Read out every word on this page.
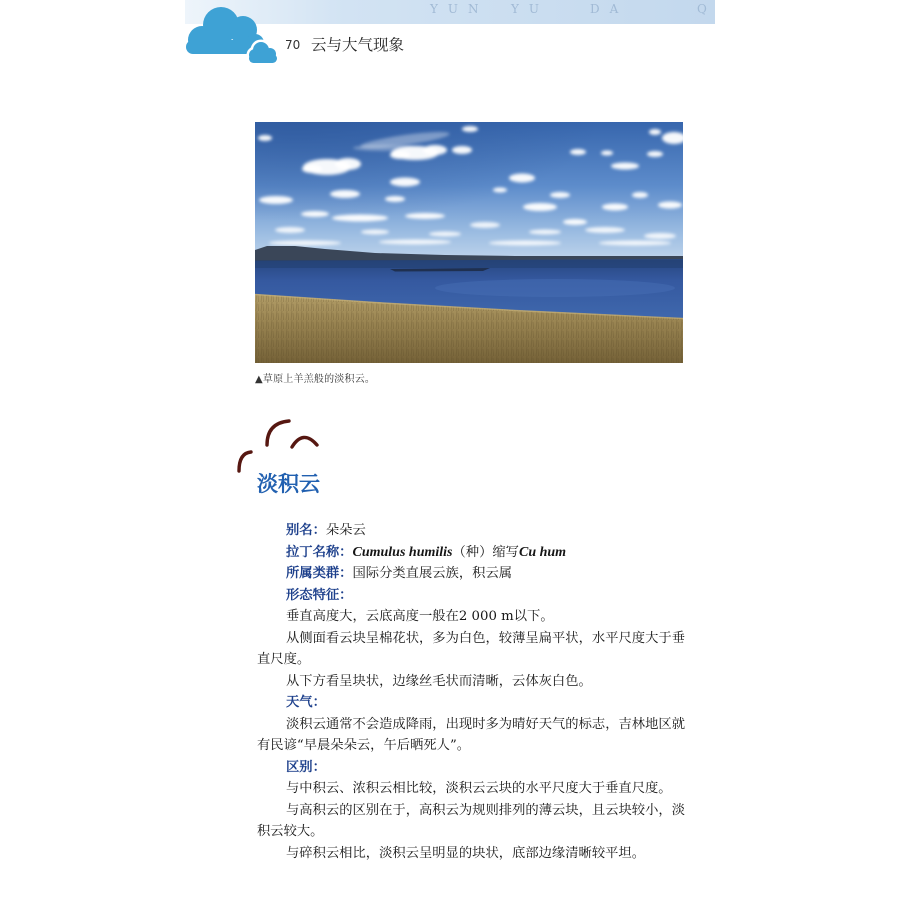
YUN YU	DA	Q
70 云与大气现象
▲草原上羊羔般的淡积云。
淡积云
别名：朵朵云
拉丁名称：Cumulus humilis（种）缩写Cu hum
所属类群：国际分类直展云族，积云属
形态特征：
垂直高度大，云底高度一般在2 000 m以下。
从侧面看云块呈棉花状，多为白色，较薄呈扁平状，水平尺度大于垂
直尺度。
从下方看呈块状，边缘丝毛状而清晰，云体灰白色。
天气：
淡积云通常不会造成降雨，出现时多为晴好天气的标志，吉林地区就
有民谚“早晨朵朵云，午后晒死人”。
区别：
与中积云、浓积云相比较，淡积云云块的水平尺度大于垂直尺度。
与高积云的区别在于，高积云为规则排列的薄云块，且云块较小，淡
积云较大。
与碎积云相比，淡积云呈明显的块状，底部边缘清晰较平坦。
